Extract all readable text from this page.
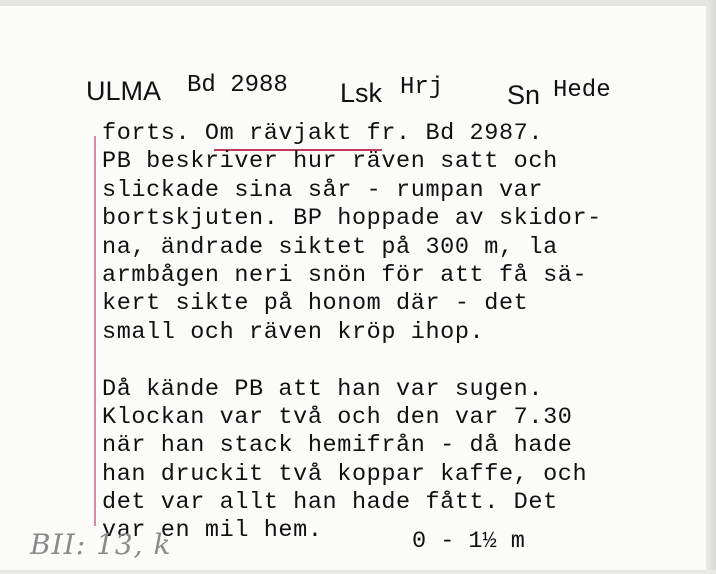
ULMA Bd 2988 Lsk Hrj Sn Hede
forts. Om rävjakt fr. Bd 2987.
PB beskriver hur räven satt och
slickade sina sår - rumpan var
bortskjuten. BP hoppade av skidor-
na, ändrade siktet på 300 m, la
armbågen neri snön för att få sä-
kert sikte på honom där - det
small och räven kröp ihop.
Då kände PB att han var sugen.
Klockan var två och den var 7.30
när han stack hemifrån - då hade
han druckit två koppar kaffe, och
det var allt han hade fått. Det
var en mil hem.	0 - 1½ m
BII: 13, k
